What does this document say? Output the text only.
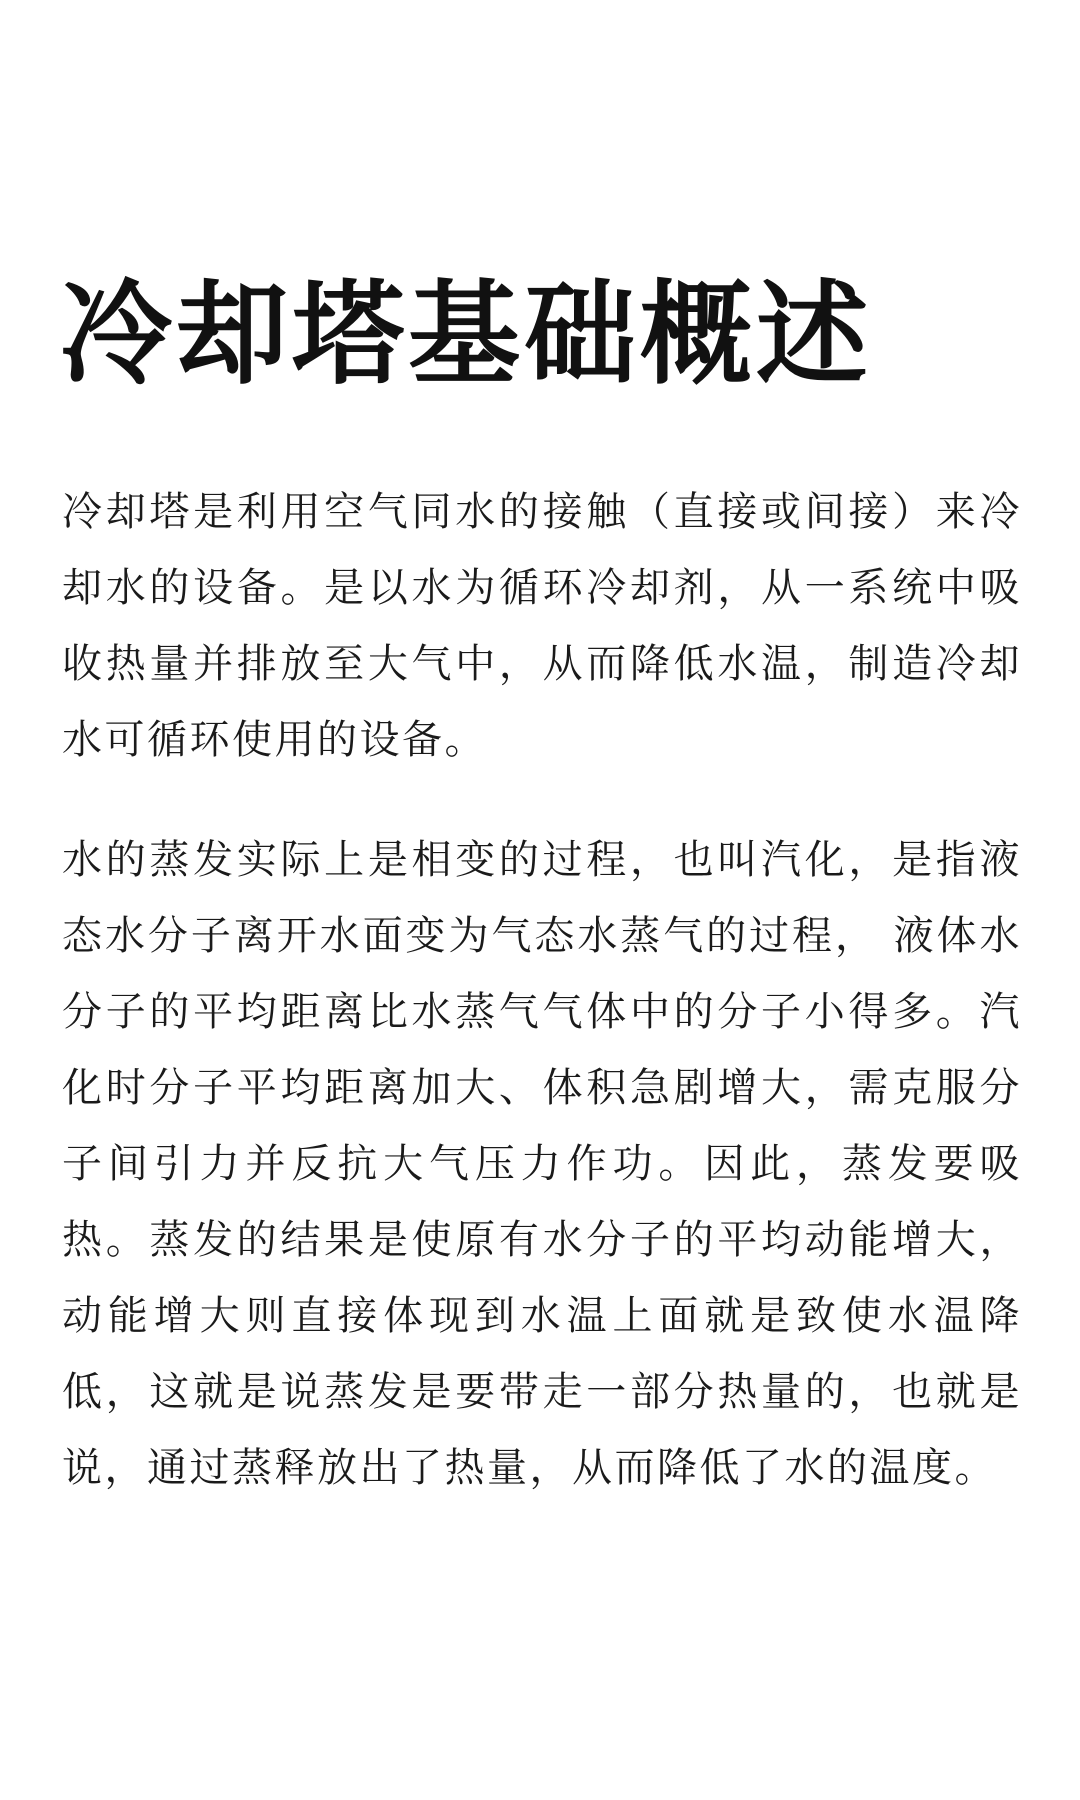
冷却塔基础概述

冷却塔是利用空气同水的接触（直接或间接）来冷却水的设备。是以水为循环冷却剂，从一系统中吸收热量并排放至大气中，从而降低水温，制造冷却水可循环使用的设备。

水的蒸发实际上是相变的过程，也叫汽化，是指液态水分子离开水面变为气态水蒸气的过程， 液体水分子的平均距离比水蒸气气体中的分子小得多。汽化时分子平均距离加大、体积急剧增大，需克服分子间引力并反抗大气压力作功。因此，蒸发要吸热。蒸发的结果是使原有水分子的平均动能增大，动能增大则直接体现到水温上面就是致使水温降低，这就是说蒸发是要带走一部分热量的，也就是说，通过蒸释放出了热量，从而降低了水的温度。
